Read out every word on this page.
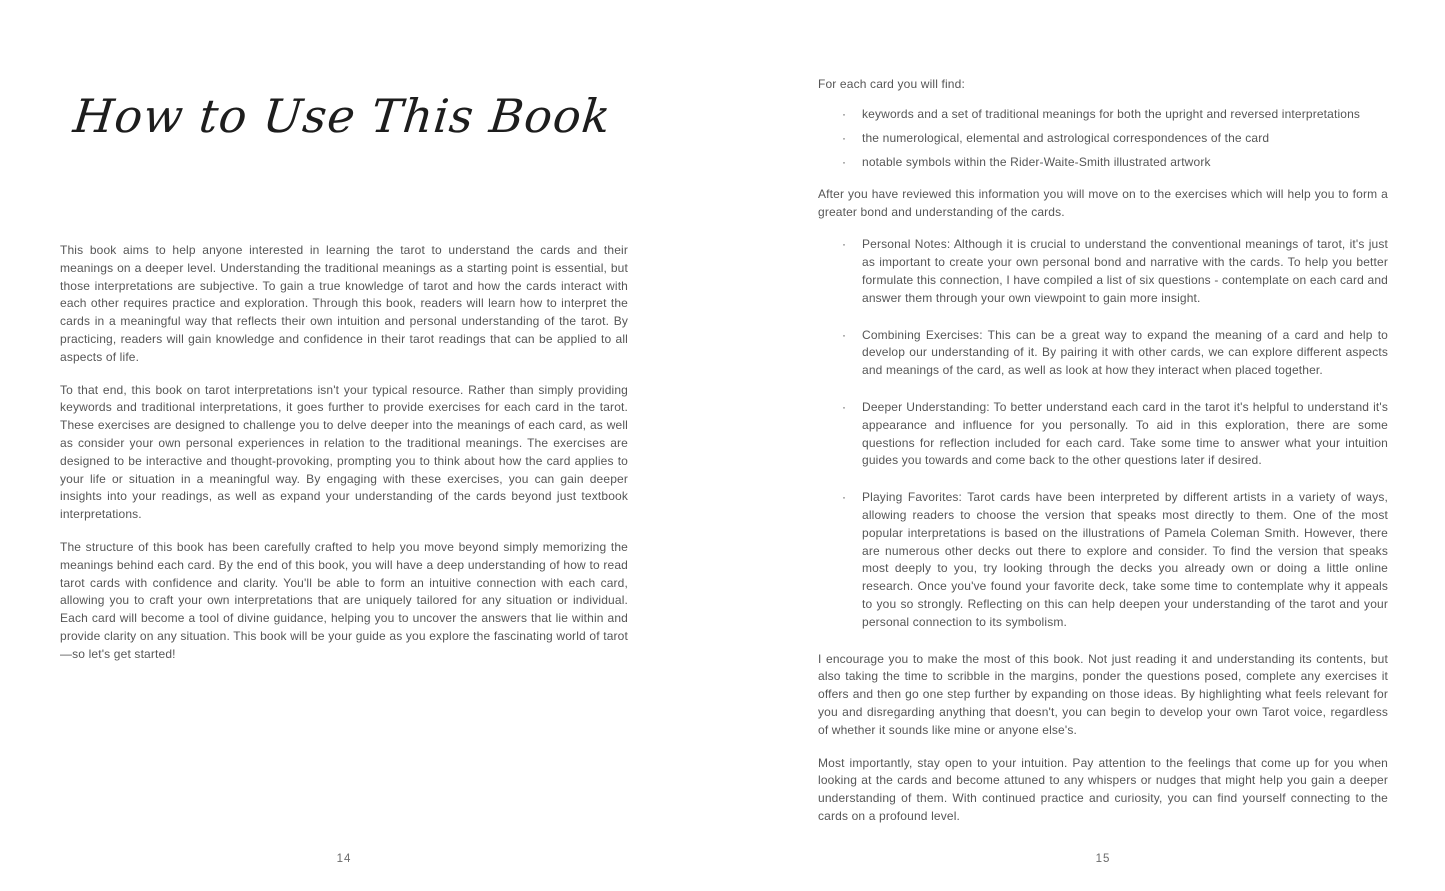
How to Use This Book

This book aims to help anyone interested in learning the tarot to understand the cards and their meanings on a deeper level. Understanding the traditional meanings as a starting point is essential, but those interpretations are subjective. To gain a true knowledge of tarot and how the cards interact with each other requires practice and exploration. Through this book, readers will learn how to interpret the cards in a meaningful way that reflects their own intuition and personal understanding of the tarot. By practicing, readers will gain knowledge and confidence in their tarot readings that can be applied to all aspects of life.

To that end, this book on tarot interpretations isn't your typical resource. Rather than simply providing keywords and traditional interpretations, it goes further to provide exercises for each card in the tarot. These exercises are designed to challenge you to delve deeper into the meanings of each card, as well as consider your own personal experiences in relation to the traditional meanings. The exercises are designed to be interactive and thought-provoking, prompting you to think about how the card applies to your life or situation in a meaningful way. By engaging with these exercises, you can gain deeper insights into your readings, as well as expand your understanding of the cards beyond just textbook interpretations.

The structure of this book has been carefully crafted to help you move beyond simply memorizing the meanings behind each card. By the end of this book, you will have a deep understanding of how to read tarot cards with confidence and clarity. You'll be able to form an intuitive connection with each card, allowing you to craft your own interpretations that are uniquely tailored for any situation or individual. Each card will become a tool of divine guidance, helping you to uncover the answers that lie within and provide clarity on any situation. This book will be your guide as you explore the fascinating world of tarot—so let's get started!

14

For each card you will find:

·	keywords and a set of traditional meanings for both the upright and reversed interpretations
·	the numerological, elemental and astrological correspondences of the card
·	notable symbols within the Rider-Waite-Smith illustrated artwork

After you have reviewed this information you will move on to the exercises which will help you to form a greater bond and understanding of the cards.

·	Personal Notes: Although it is crucial to understand the conventional meanings of tarot, it's just as important to create your own personal bond and narrative with the cards. To help you better formulate this connection, I have compiled a list of six questions - contemplate on each card and answer them through your own viewpoint to gain more insight.

·	Combining Exercises: This can be a great way to expand the meaning of a card and help to develop our understanding of it. By pairing it with other cards, we can explore different aspects and meanings of the card, as well as look at how they interact when placed together.

·	Deeper Understanding: To better understand each card in the tarot it's helpful to understand it's appearance and influence for you personally. To aid in this exploration, there are some questions for reflection included for each card. Take some time to answer what your intuition guides you towards and come back to the other questions later if desired.

·	Playing Favorites: Tarot cards have been interpreted by different artists in a variety of ways, allowing readers to choose the version that speaks most directly to them. One of the most popular interpretations is based on the illustrations of Pamela Coleman Smith. However, there are numerous other decks out there to explore and consider. To find the version that speaks most deeply to you, try looking through the decks you already own or doing a little online research. Once you've found your favorite deck, take some time to contemplate why it appeals to you so strongly. Reflecting on this can help deepen your understanding of the tarot and your personal connection to its symbolism.

I encourage you to make the most of this book. Not just reading it and understanding its contents, but also taking the time to scribble in the margins, ponder the questions posed, complete any exercises it offers and then go one step further by expanding on those ideas. By highlighting what feels relevant for you and disregarding anything that doesn't, you can begin to develop your own Tarot voice, regardless of whether it sounds like mine or anyone else's.

Most importantly, stay open to your intuition. Pay attention to the feelings that come up for you when looking at the cards and become attuned to any whispers or nudges that might help you gain a deeper understanding of them. With continued practice and curiosity, you can find yourself connecting to the cards on a profound level.

15
